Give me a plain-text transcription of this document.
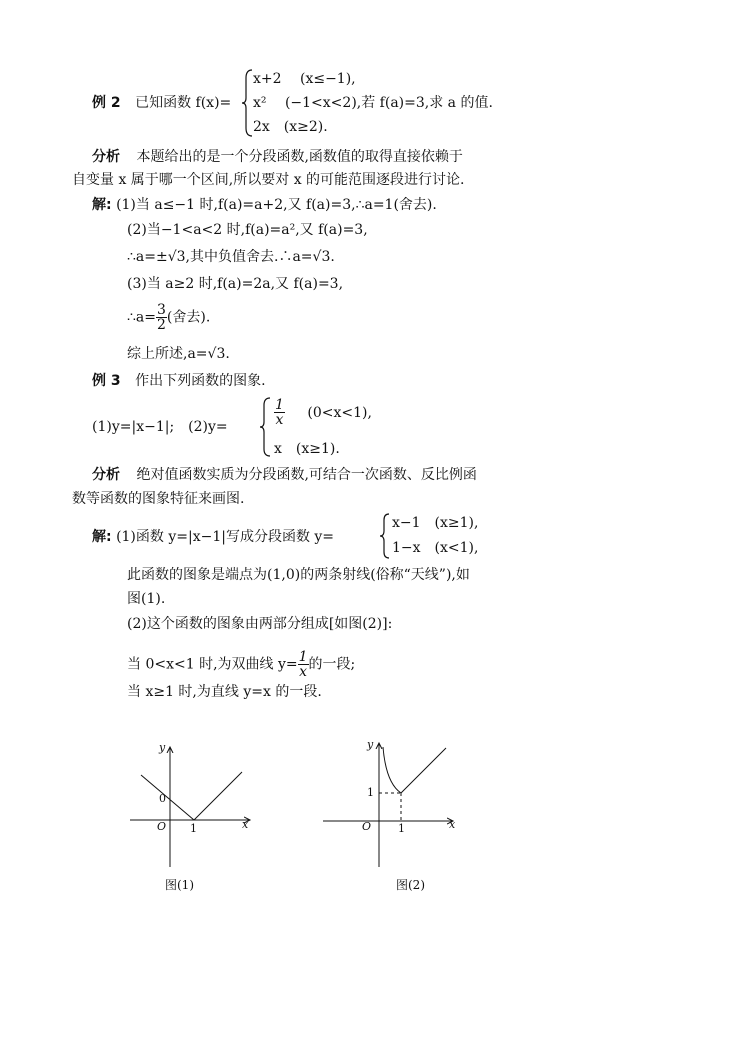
x+2 　(x≤−1),
例 2 已知函数 f(x)= x²　 (−1<x<2),若 f(a)=3,求 a 的值.
2x　(x≥2).
分析 本题给出的是一个分段函数,函数值的取得直接依赖于
自变量 x 属于哪一个区间,所以要对 x 的可能范围逐段进行讨论.
解: (1)当 a≤−1 时,f(a)=a+2,又 f(a)=3,∴a=1(舍去).
(2)当−1<a<2 时,f(a)=a²,又 f(a)=3,
∴a=±√3,其中负值舍去.∴a=√3.
(3)当 a≥2 时,f(a)=2a,又 f(a)=3,
∴a= $\frac{3}{2}$ (舍去).
综上所述,a=√3.
例 3 作出下列函数的图象.
(1)y=|x−1|;　(2)y=	$\frac{1}{x} (0<x<1)$,
x　(x≥1).
分析 绝对值函数实质为分段函数,可结合一次函数、反比例函
数等函数的图象特征来画图.
解: (1)函数 y=|x−1|写成分段函数 y=
x−1　(x≥1),
1−x　(x<1),
此函数的图象是端点为(1,0)的两条射线(俗称“天线”),如
图(1).
(2)这个函数的图象由两部分组成[如图(2)]:
当 0<x<1 时,为双曲线 $y= \frac{1}{x}$ 的一段;
当 x≥1 时,为直线 y=x 的一段.
y
x
O 1
0
图(1)
y
x
O 1
1
图(2)
